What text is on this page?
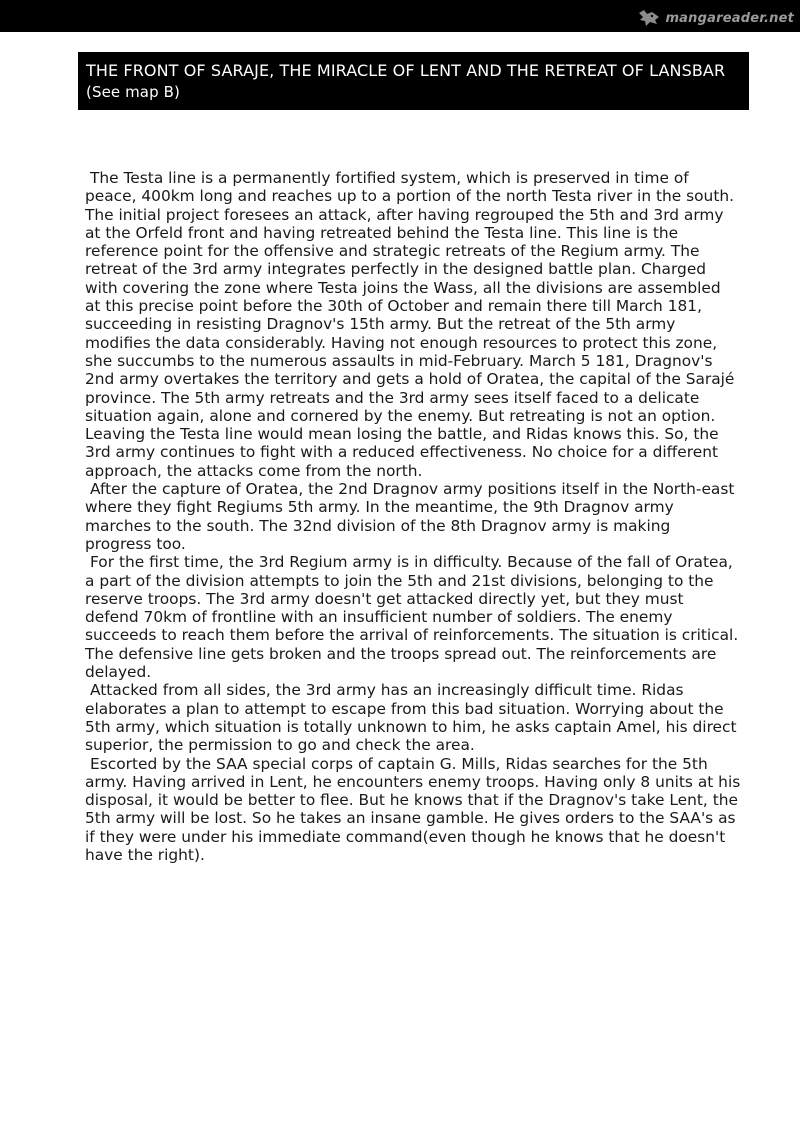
mangareader.net
THE FRONT OF SARAJE, THE MIRACLE OF LENT AND THE RETREAT OF LANSBAR (See map B)

The Testa line is a permanently fortified system, which is preserved in time of peace, 400km long and reaches up to a portion of the north Testa river in the south. The initial project foresees an attack, after having regrouped the 5th and 3rd army at the Orfeld front and having retreated behind the Testa line. This line is the reference point for the offensive and strategic retreats of the Regium army. The retreat of the 3rd army integrates perfectly in the designed battle plan. Charged with covering the zone where Testa joins the Wass, all the divisions are assembled at this precise point before the 30th of October and remain there till March 181, succeeding in resisting Dragnov's 15th army. But the retreat of the 5th army modifies the data considerably. Having not enough resources to protect this zone, she succumbs to the numerous assaults in mid-February. March 5 181, Dragnov's 2nd army overtakes the territory and gets a hold of Oratea, the capital of the Sarajé province. The 5th army retreats and the 3rd army sees itself faced to a delicate situation again, alone and cornered by the enemy. But retreating is not an option. Leaving the Testa line would mean losing the battle, and Ridas knows this. So, the 3rd army continues to fight with a reduced effectiveness. No choice for a different approach, the attacks come from the north.

After the capture of Oratea, the 2nd Dragnov army positions itself in the North-east where they fight Regiums 5th army. In the meantime, the 9th Dragnov army marches to the south. The 32nd division of the 8th Dragnov army is making progress too.

For the first time, the 3rd Regium army is in difficulty. Because of the fall of Oratea, a part of the division attempts to join the 5th and 21st divisions, belonging to the reserve troops. The 3rd army doesn't get attacked directly yet, but they must defend 70km of frontline with an insufficient number of soldiers. The enemy succeeds to reach them before the arrival of reinforcements. The situation is critical. The defensive line gets broken and the troops spread out. The reinforcements are delayed.

Attacked from all sides, the 3rd army has an increasingly difficult time. Ridas elaborates a plan to attempt to escape from this bad situation. Worrying about the 5th army, which situation is totally unknown to him, he asks captain Amel, his direct superior, the permission to go and check the area.

Escorted by the SAA special corps of captain G. Mills, Ridas searches for the 5th army. Having arrived in Lent, he encounters enemy troops. Having only 8 units at his disposal, it would be better to flee. But he knows that if the Dragnov's take Lent, the 5th army will be lost. So he takes an insane gamble. He gives orders to the SAA's as if they were under his immediate command(even though he knows that he doesn't have the right).
